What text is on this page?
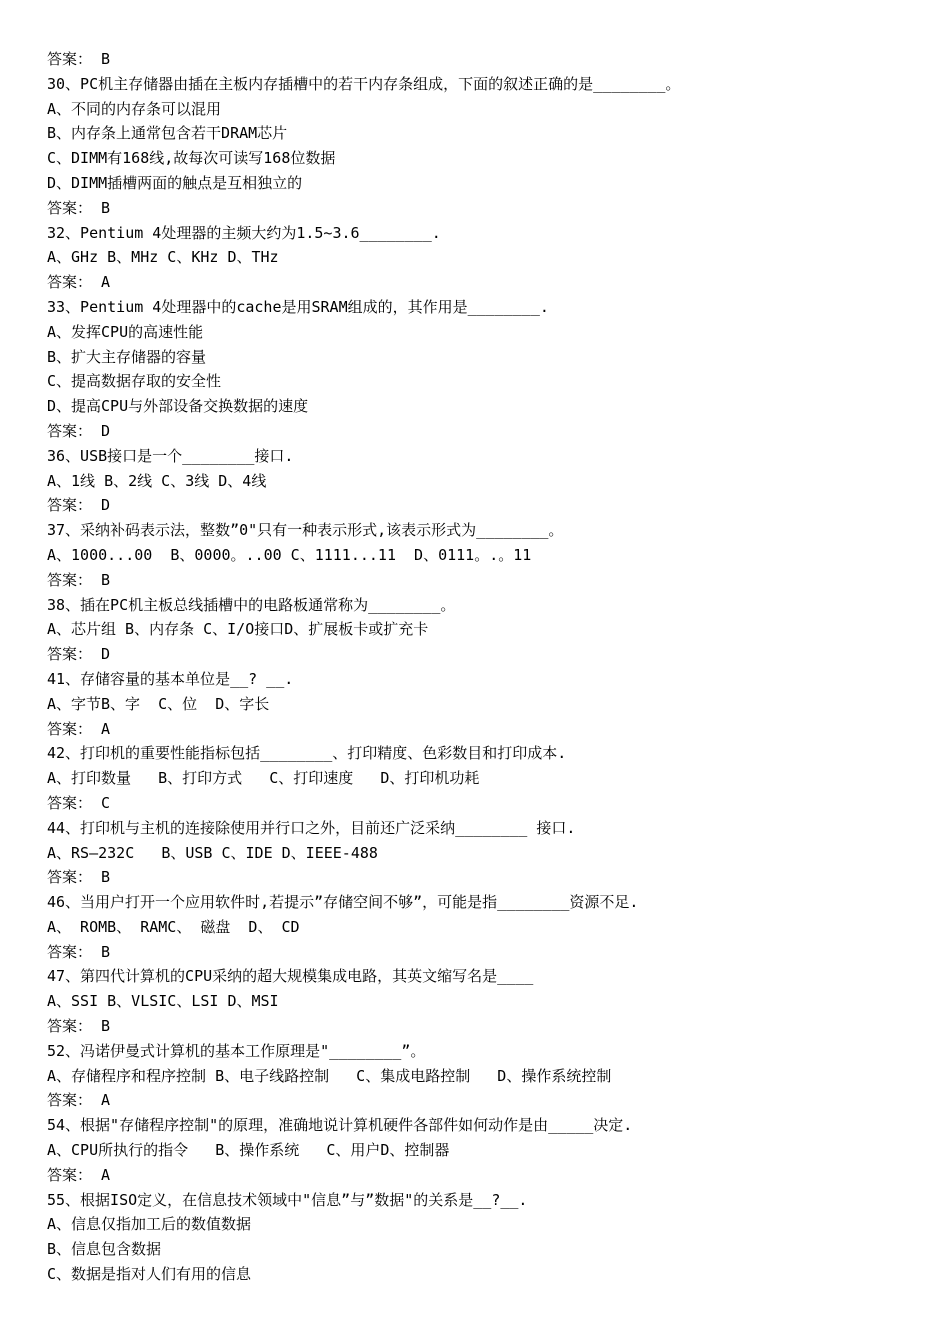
答案： B
30、PC机主存储器由插在主板内存插槽中的若干内存条组成，下面的叙述正确的是________。
A、不同的内存条可以混用
B、内存条上通常包含若干DRAM芯片
C、DIMM有168线,故每次可读写168位数据
D、DIMM插槽两面的触点是互相独立的
答案： B
32、Pentium 4处理器的主频大约为1.5~3.6________.
A、GHz B、MHz C、KHz D、THz
答案： A
33、Pentium 4处理器中的cache是用SRAM组成的，其作用是________.
A、发挥CPU的高速性能
B、扩大主存储器的容量
C、提高数据存取的安全性
D、提高CPU与外部设备交换数据的速度
答案： D
36、USB接口是一个________接口.
A、1线 B、2线 C、3线 D、4线
答案： D
37、采纳补码表示法，整数”0"只有一种表示形式,该表示形式为________。
A、1000...00  B、0000。..00 C、1111...11  D、0111。.。11
答案： B
38、插在PC机主板总线插槽中的电路板通常称为________。
A、芯片组 B、内存条 C、I/O接口D、扩展板卡或扩充卡
答案： D
41、存储容量的基本单位是__? __.
A、字节B、字  C、位  D、字长
答案： A
42、打印机的重要性能指标包括________、打印精度、色彩数目和打印成本.
A、打印数量   B、打印方式   C、打印速度   D、打印机功耗
答案： C
44、打印机与主机的连接除使用并行口之外，目前还广泛采纳________ 接口.
A、RS—232C   B、USB C、IDE D、IEEE-488
答案： B
46、当用户打开一个应用软件时,若提示”存储空间不够”，可能是指________资源不足.
A、 ROMB、 RAMC、 磁盘  D、 CD
答案： B
47、第四代计算机的CPU采纳的超大规模集成电路，其英文缩写名是____
A、SSI B、VLSIC、LSI D、MSI
答案： B
52、冯诺伊曼式计算机的基本工作原理是"________”。
A、存储程序和程序控制 B、电子线路控制   C、集成电路控制   D、操作系统控制
答案： A
54、根据"存储程序控制"的原理，准确地说计算机硬件各部件如何动作是由_____决定.
A、CPU所执行的指令   B、操作系统   C、用户D、控制器
答案： A
55、根据ISO定义，在信息技术领域中"信息”与”数据"的关系是__?__.
A、信息仅指加工后的数值数据
B、信息包含数据
C、数据是指对人们有用的信息
